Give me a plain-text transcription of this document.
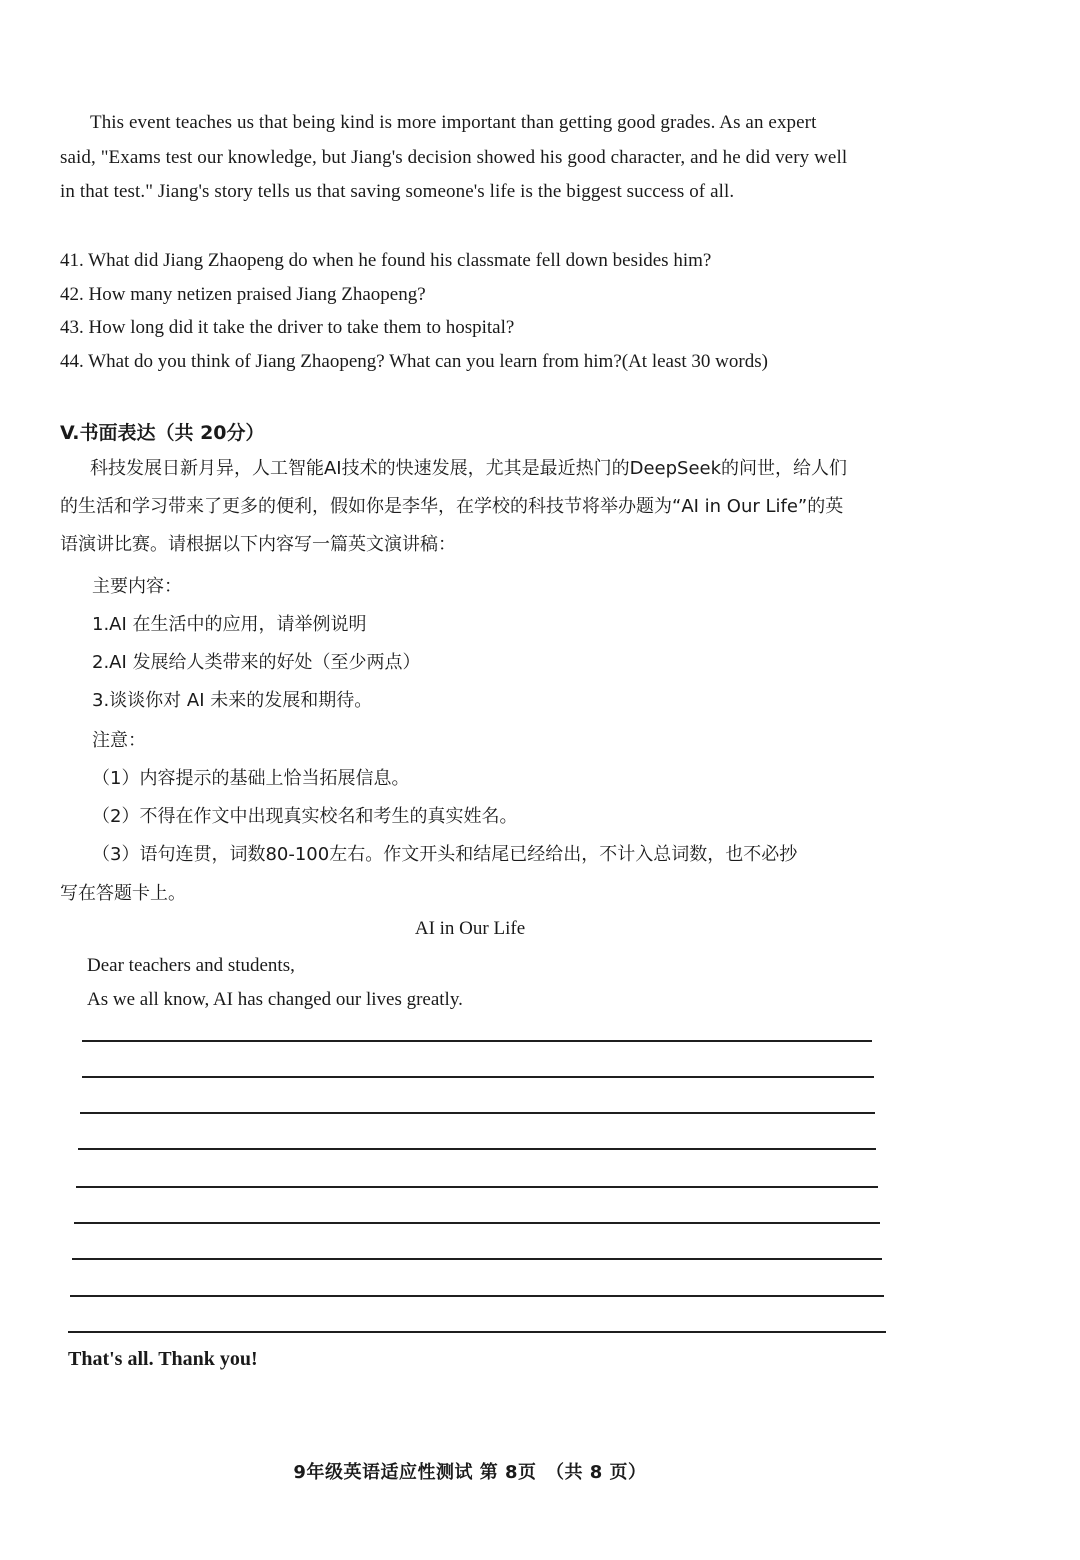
This event teaches us that being kind is more important than getting good grades. As an expert said, "Exams test our knowledge, but Jiang's decision showed his good character, and he did very well in that test." Jiang's story tells us that saving someone's life is the biggest success of all.
41. What did Jiang Zhaopeng do when he found his classmate fell down besides him?
42. How many netizen praised Jiang Zhaopeng?
43. How long did it take the driver to take them to hospital?
44. What do you think of Jiang Zhaopeng? What can you learn from him?(At least 30 words)
V.书面表达（共 20分）
科技发展日新月异，人工智能AI技术的快速发展，尤其是最近热门的DeepSeek的问世，给人们的生活和学习带来了更多的便利，假如你是李华，在学校的科技节将举办题为“AI in Our Life”的英语演讲比赛。请根据以下内容写一篇英文演讲稿：
主要内容：
1.AI 在生活中的应用，请举例说明
2.AI 发展给人类带来的好处（至少两点）
3.谈谈你对 AI 未来的发展和期待。
注意：
（1）内容提示的基础上恰当拓展信息。
（2）不得在作文中出现真实校名和考生的真实姓名。
（3）语句连贯，词数80-100左右。作文开头和结尾已经给出，不计入总词数，也不必抄
写在答题卡上。
AI in Our Life
Dear teachers and students,
As we all know, AI has changed our lives greatly.
That's all. Thank you!
9年级英语适应性测试 第 8页　（共 8 页）
